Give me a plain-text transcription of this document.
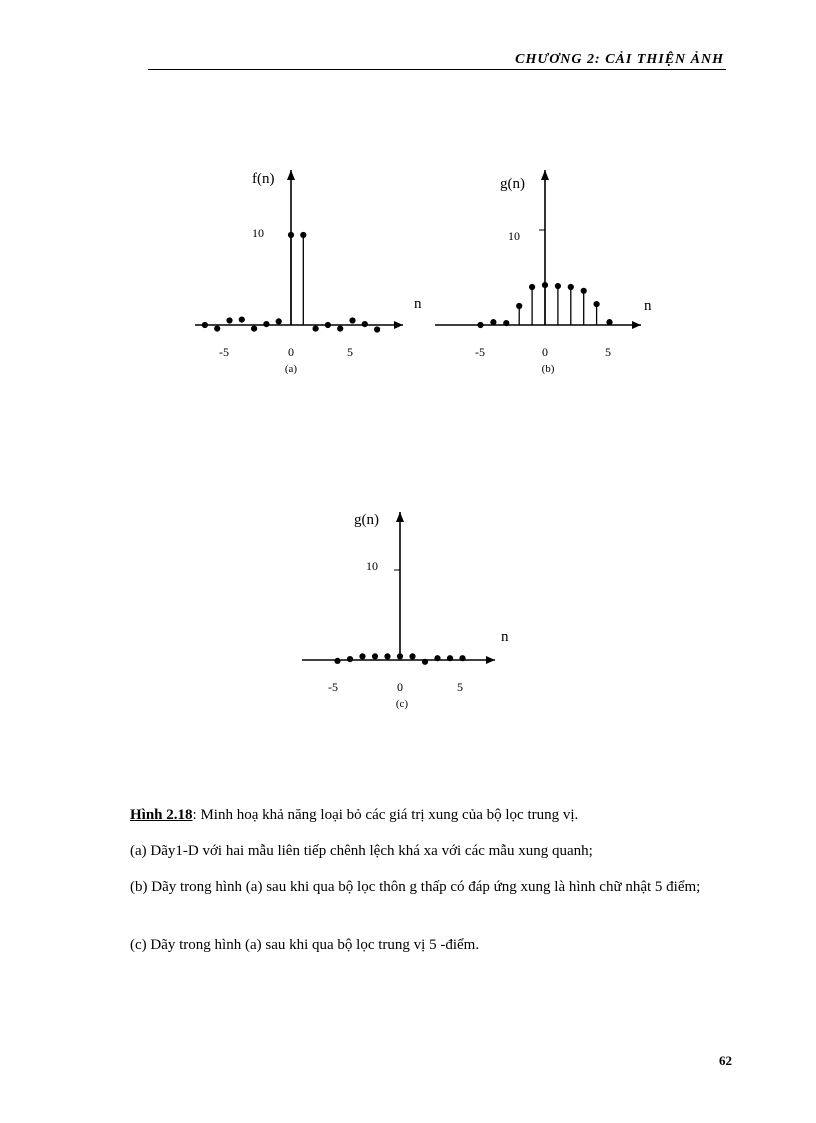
CHƯƠNG 2: CẢI THIỆN ẢNH
f(n)
10
n
-5	0	5
(a)
g(n)
10
n
-5	0	5
(b)
g(n)
10
n
-5	0	5
(c)
Hình 2.18: Minh hoạ khả năng loại bỏ các giá trị xung của bộ lọc trung vị.
(a) Dãy1-D với hai mẫu liên tiếp chênh lệch khá xa với các mẫu xung quanh;
(b) Dãy trong hình (a) sau khi qua bộ lọc thôn g thấp có đáp ứng xung là hình chữ nhật 5 điểm;
(c) Dãy trong hình (a) sau khi qua bộ lọc trung vị 5 -điểm.
62
